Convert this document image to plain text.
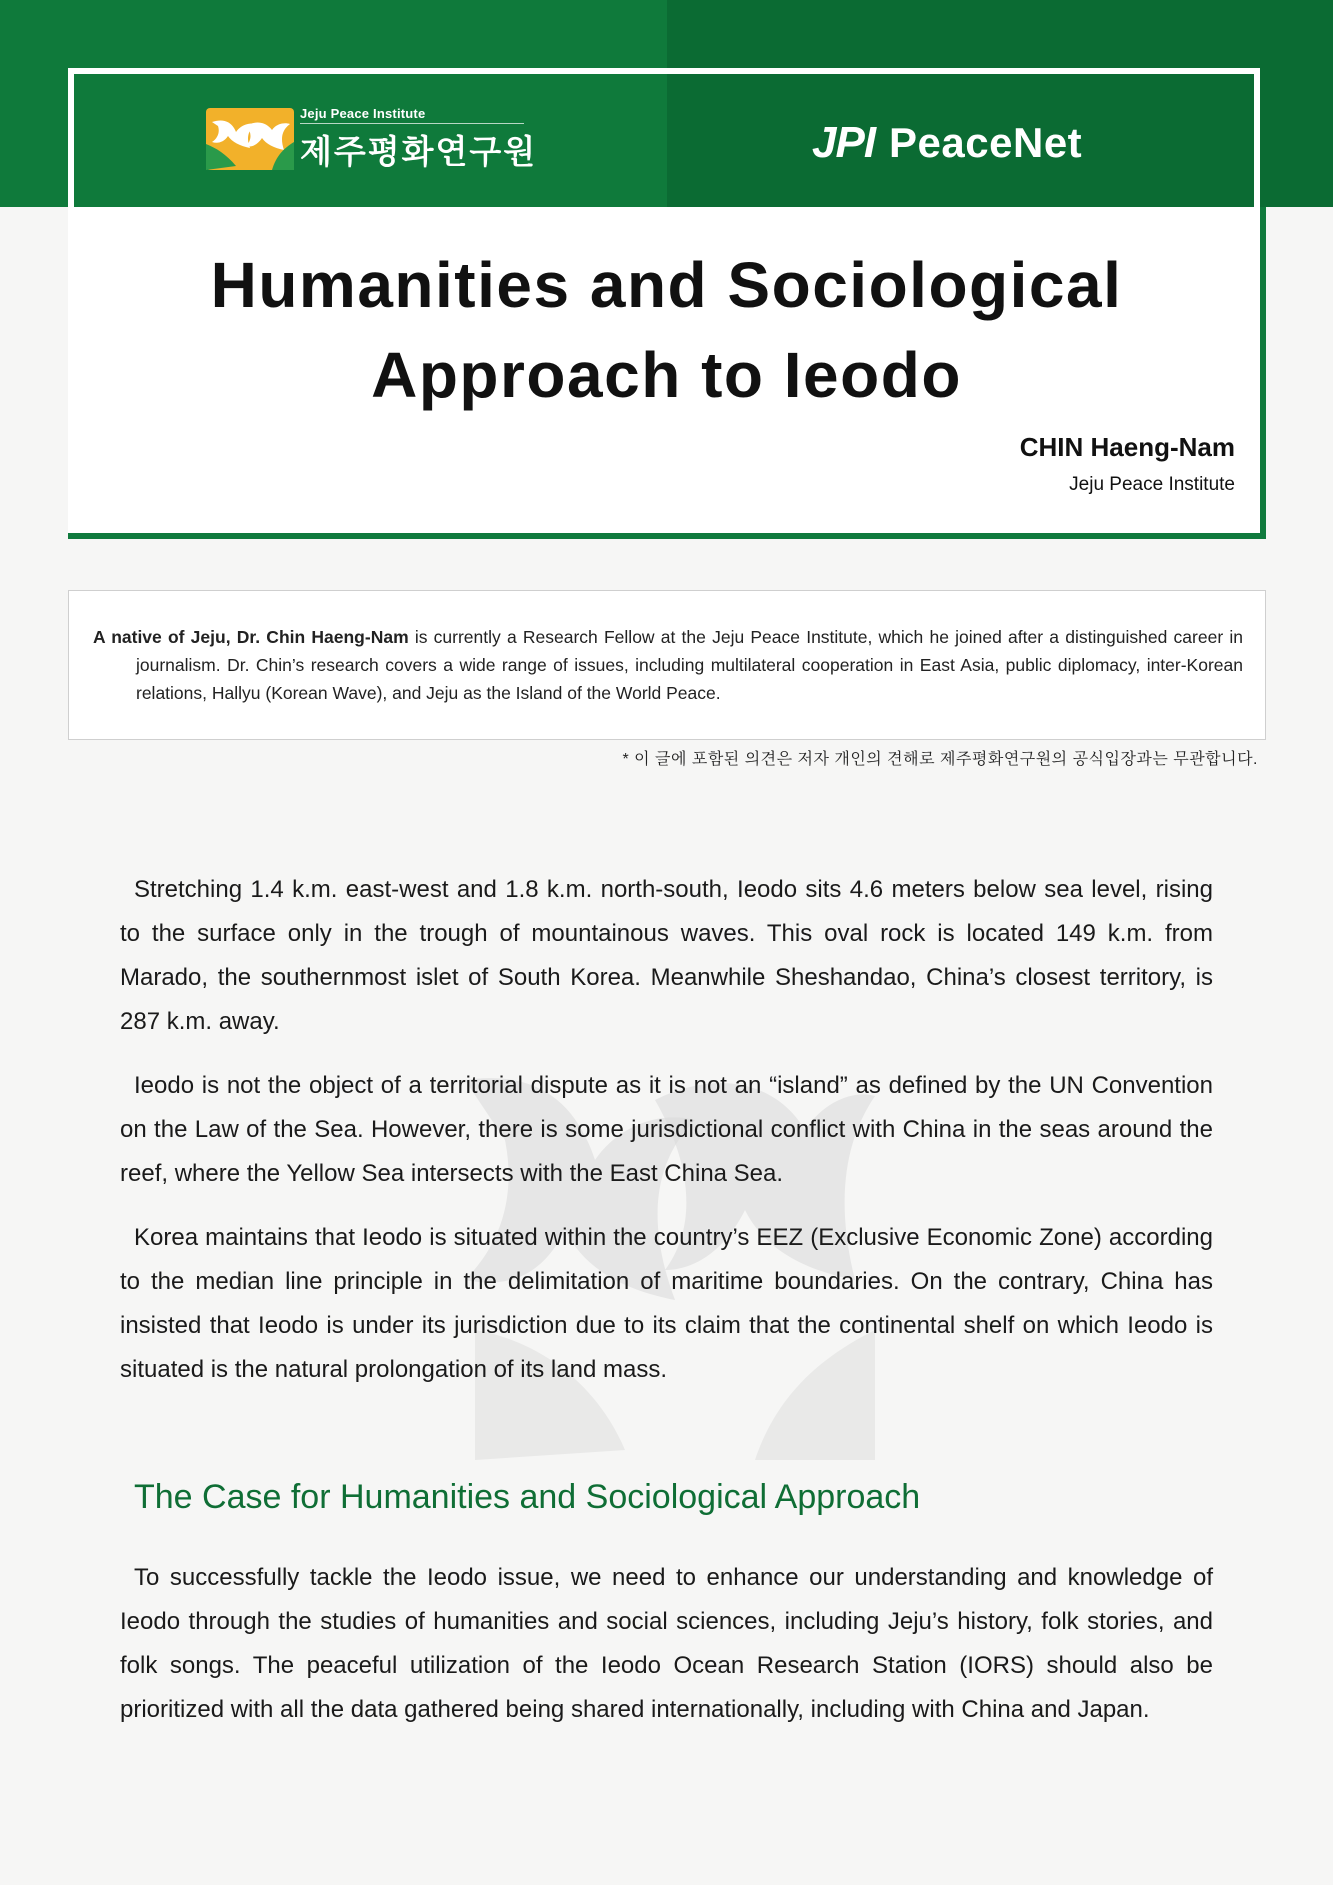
Jeju Peace Institute
제주평화연구원	JPI PeaceNet
Humanities and Sociological Approach to Ieodo
CHIN Haeng-Nam
Jeju Peace Institute
A native of Jeju, Dr. Chin Haeng-Nam is currently a Research Fellow at the Jeju Peace Institute, which he joined after a distinguished career in journalism. Dr. Chin’s research covers a wide range of issues, including multilateral cooperation in East Asia, public diplomacy, inter-Korean relations, Hallyu (Korean Wave), and Jeju as the Island of the World Peace.
* 이 글에 포함된 의견은 저자 개인의 견해로 제주평화연구원의 공식입장과는 무관합니다.

Stretching 1.4 k.m. east-west and 1.8 k.m. north-south, Ieodo sits 4.6 meters below sea level, rising to the surface only in the trough of mountainous waves. This oval rock is located 149 k.m. from Marado, the southernmost islet of South Korea. Meanwhile Sheshandao, China’s closest territory, is 287 k.m. away.

Ieodo is not the object of a territorial dispute as it is not an “island” as defined by the UN Convention on the Law of the Sea. However, there is some jurisdictional conflict with China in the seas around the reef, where the Yellow Sea intersects with the East China Sea.

Korea maintains that Ieodo is situated within the country’s EEZ (Exclusive Economic Zone) according to the median line principle in the delimitation of maritime boundaries. On the contrary, China has insisted that Ieodo is under its jurisdiction due to its claim that the continental shelf on which Ieodo is situated is the natural prolongation of its land mass.

The Case for Humanities and Sociological Approach

To successfully tackle the Ieodo issue, we need to enhance our understanding and knowledge of Ieodo through the studies of humanities and social sciences, including Jeju’s history, folk stories, and folk songs. The peaceful utilization of the Ieodo Ocean Research Station (IORS) should also be prioritized with all the data gathered being shared internationally, including with China and Japan.
